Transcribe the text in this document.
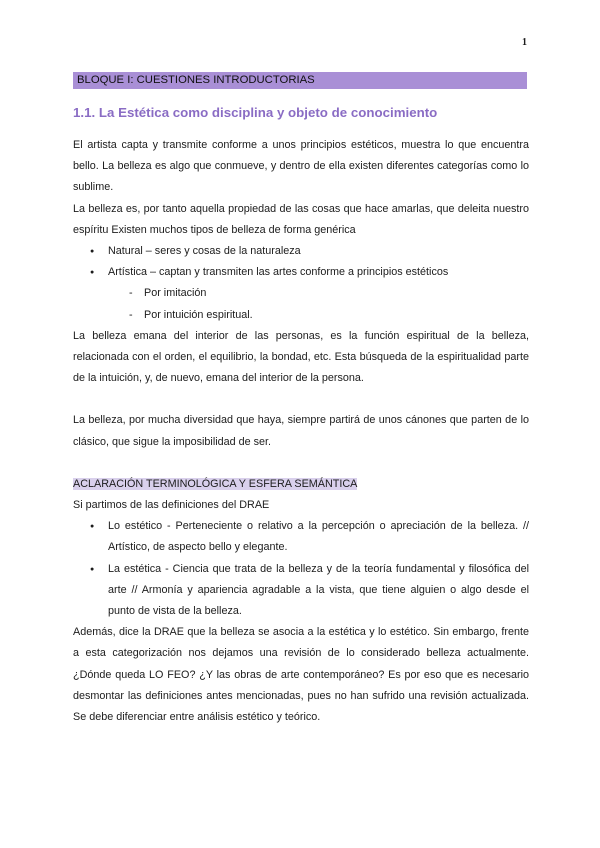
1
BLOQUE I: CUESTIONES INTRODUCTORIAS
1.1. La Estética como disciplina y objeto de conocimiento

El artista capta y transmite conforme a unos principios estéticos, muestra lo que encuentra bello. La belleza es algo que conmueve, y dentro de ella existen diferentes categorías como lo sublime.

La belleza es, por tanto aquella propiedad de las cosas que hace amarlas, que deleita nuestro espíritu Existen muchos tipos de belleza de forma genérica

● Natural – seres y cosas de la naturaleza
● Artística – captan y transmiten las artes conforme a principios estéticos
- Por imitación
- Por intuición espiritual.

La belleza emana del interior de las personas, es la función espiritual de la belleza, relacionada con el orden, el equilibrio, la bondad, etc. Esta búsqueda de la espiritualidad parte de la intuición, y, de nuevo, emana del interior de la persona.

La belleza, por mucha diversidad que haya, siempre partirá de unos cánones que parten de lo clásico, que sigue la imposibilidad de ser.

ACLARACIÓN TERMINOLÓGICA Y ESFERA SEMÁNTICA

Si partimos de las definiciones del DRAE

● Lo estético - Perteneciente o relativo a la percepción o apreciación de la belleza. // Artístico, de aspecto bello y elegante.
● La estética - Ciencia que trata de la belleza y de la teoría fundamental y filosófica del arte // Armonía y apariencia agradable a la vista, que tiene alguien o algo desde el punto de vista de la belleza.

Además, dice la DRAE que la belleza se asocia a la estética y lo estético. Sin embargo, frente a esta categorización nos dejamos una revisión de lo considerado belleza actualmente. ¿Dónde queda LO FEO? ¿Y las obras de arte contemporáneo? Es por eso que es necesario desmontar las definiciones antes mencionadas, pues no han sufrido una revisión actualizada. Se debe diferenciar entre análisis estético y teórico.
